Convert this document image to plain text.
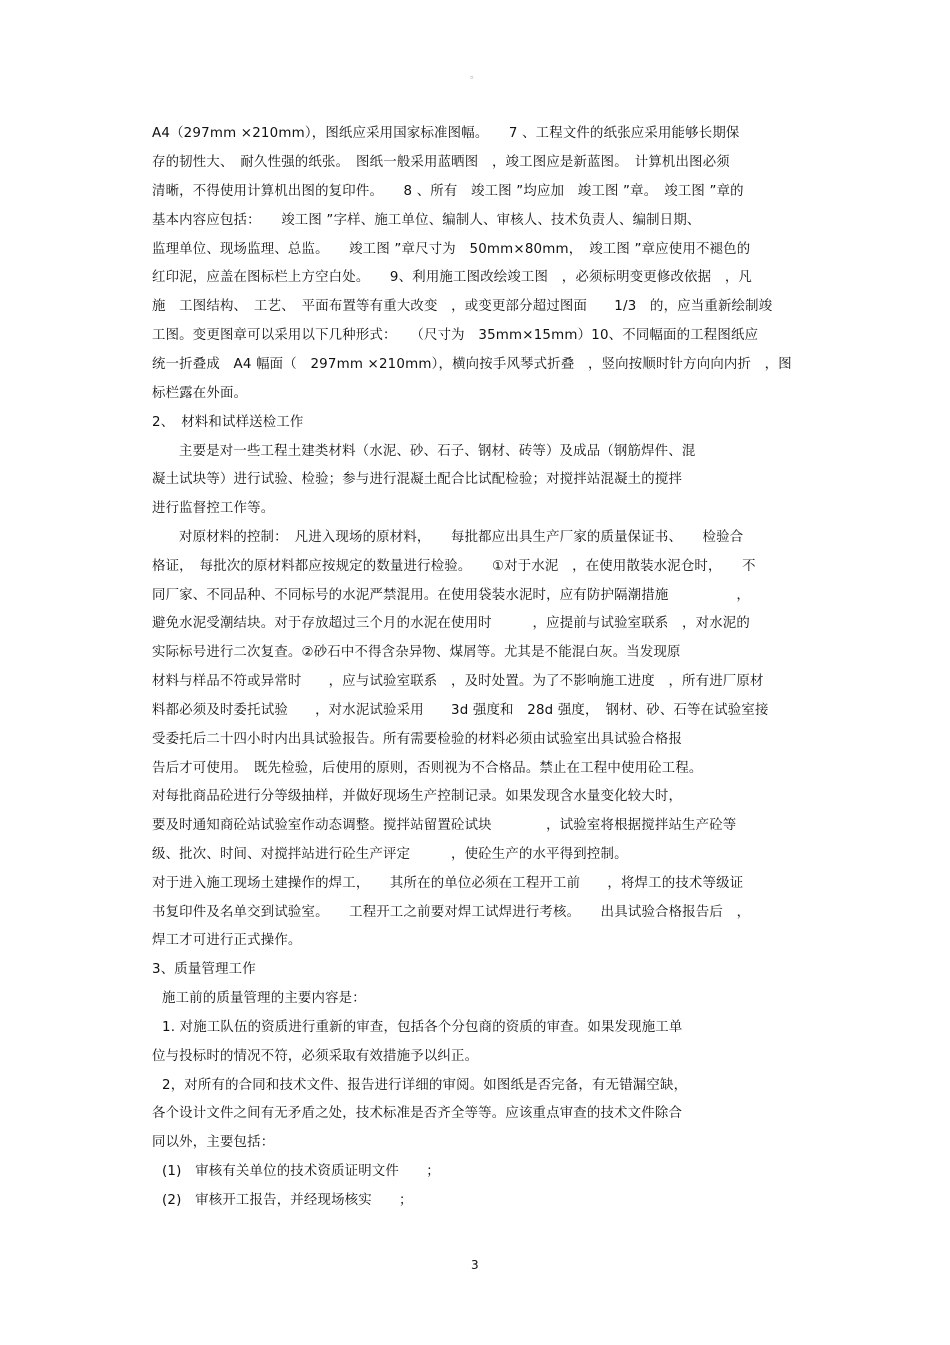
。
A4（297mm ×210mm），图纸应采用国家标准图幅。　　7 、工程文件的纸张应采用能够长期保
存的韧性大、　耐久性强的纸张。　图纸一般采用蓝晒图　，竣工图应是新蓝图。　计算机出图必须
清晰，不得使用计算机出图的复印件。　　8 、所有　竣工图 ”均应加　竣工图 ”章。　竣工图 ”章的
基本内容应包括：　　竣工图 ”字样、施工单位、编制人、审核人、技术负责人、编制日期、
监理单位、现场监理、总监。　　竣工图 ”章尺寸为　50mm×80mm，　竣工图 ”章应使用不褪色的
红印泥，应盖在图标栏上方空白处。　　9、利用施工图改绘竣工图　，必须标明变更修改依据　，凡
施　工图结构、　工艺、　平面布置等有重大改变　，或变更部分超过图面　　1/3　的，应当重新绘制竣
工图。变更图章可以采用以下几种形式：　　（尺寸为　35mm×15mm）10、不同幅面的工程图纸应
统一折叠成　A4 幅面（　297mm ×210mm），横向按手风琴式折叠　，竖向按顺时针方向向内折　，图
标栏露在外面。
2、　材料和试样送检工作
主要是对一些工程土建类材料（水泥、砂、石子、钢材、砖等）及成品（钢筋焊件、混
凝土试块等）进行试验、检验；参与进行混凝土配合比试配检验；对搅拌站混凝土的搅拌
进行监督控工作等。
对原材料的控制：　凡进入现场的原材料，　　每批都应出具生产厂家的质量保证书、　　检验合
格证，　每批次的原材料都应按规定的数量进行检验。　　①对于水泥　，在使用散装水泥仓时，　　不
同厂家、不同品种、不同标号的水泥严禁混用。在使用袋装水泥时，应有防护隔潮措施　　　　　，
避免水泥受潮结块。对于存放超过三个月的水泥在使用时　　　，应提前与试验室联系　，对水泥的
实际标号进行二次复查。②砂石中不得含杂异物、煤屑等。尤其是不能混白灰。当发现原
材料与样品不符或异常时　　，应与试验室联系　，及时处置。为了不影响施工进度　，所有进厂原材
料都必须及时委托试验　　，对水泥试验采用　　3d 强度和　28d 强度，　钢材、砂、石等在试验室接
受委托后二十四小时内出具试验报告。所有需要检验的材料必须由试验室出具试验合格报
告后才可使用。　既先检验，后使用的原则，否则视为不合格品。禁止在工程中使用砼工程。
对每批商品砼进行分等级抽样，并做好现场生产控制记录。如果发现含水量变化较大时，
要及时通知商砼站试验室作动态调整。搅拌站留置砼试块　　　　，试验室将根据搅拌站生产砼等
级、批次、时间、对搅拌站进行砼生产评定　　　，使砼生产的水平得到控制。
对于进入施工现场土建操作的焊工，　　其所在的单位必须在工程开工前　　，将焊工的技术等级证
书复印件及名单交到试验室。　　工程开工之前要对焊工试焊进行考核。　　出具试验合格报告后　，
焊工才可进行正式操作。
3、质量管理工作
施工前的质量管理的主要内容是：
1. 对施工队伍的资质进行重新的审查，包括各个分包商的资质的审查。如果发现施工单
位与投标时的情况不符，必须采取有效措施予以纠正。
2，对所有的合同和技术文件、报告进行详细的审阅。如图纸是否完备，有无错漏空缺，
各个设计文件之间有无矛盾之处，技术标准是否齐全等等。应该重点审查的技术文件除合
同以外，主要包括：
(1)　审核有关单位的技术资质证明文件　　；
(2)　审核开工报告，并经现场核实　　；
3
